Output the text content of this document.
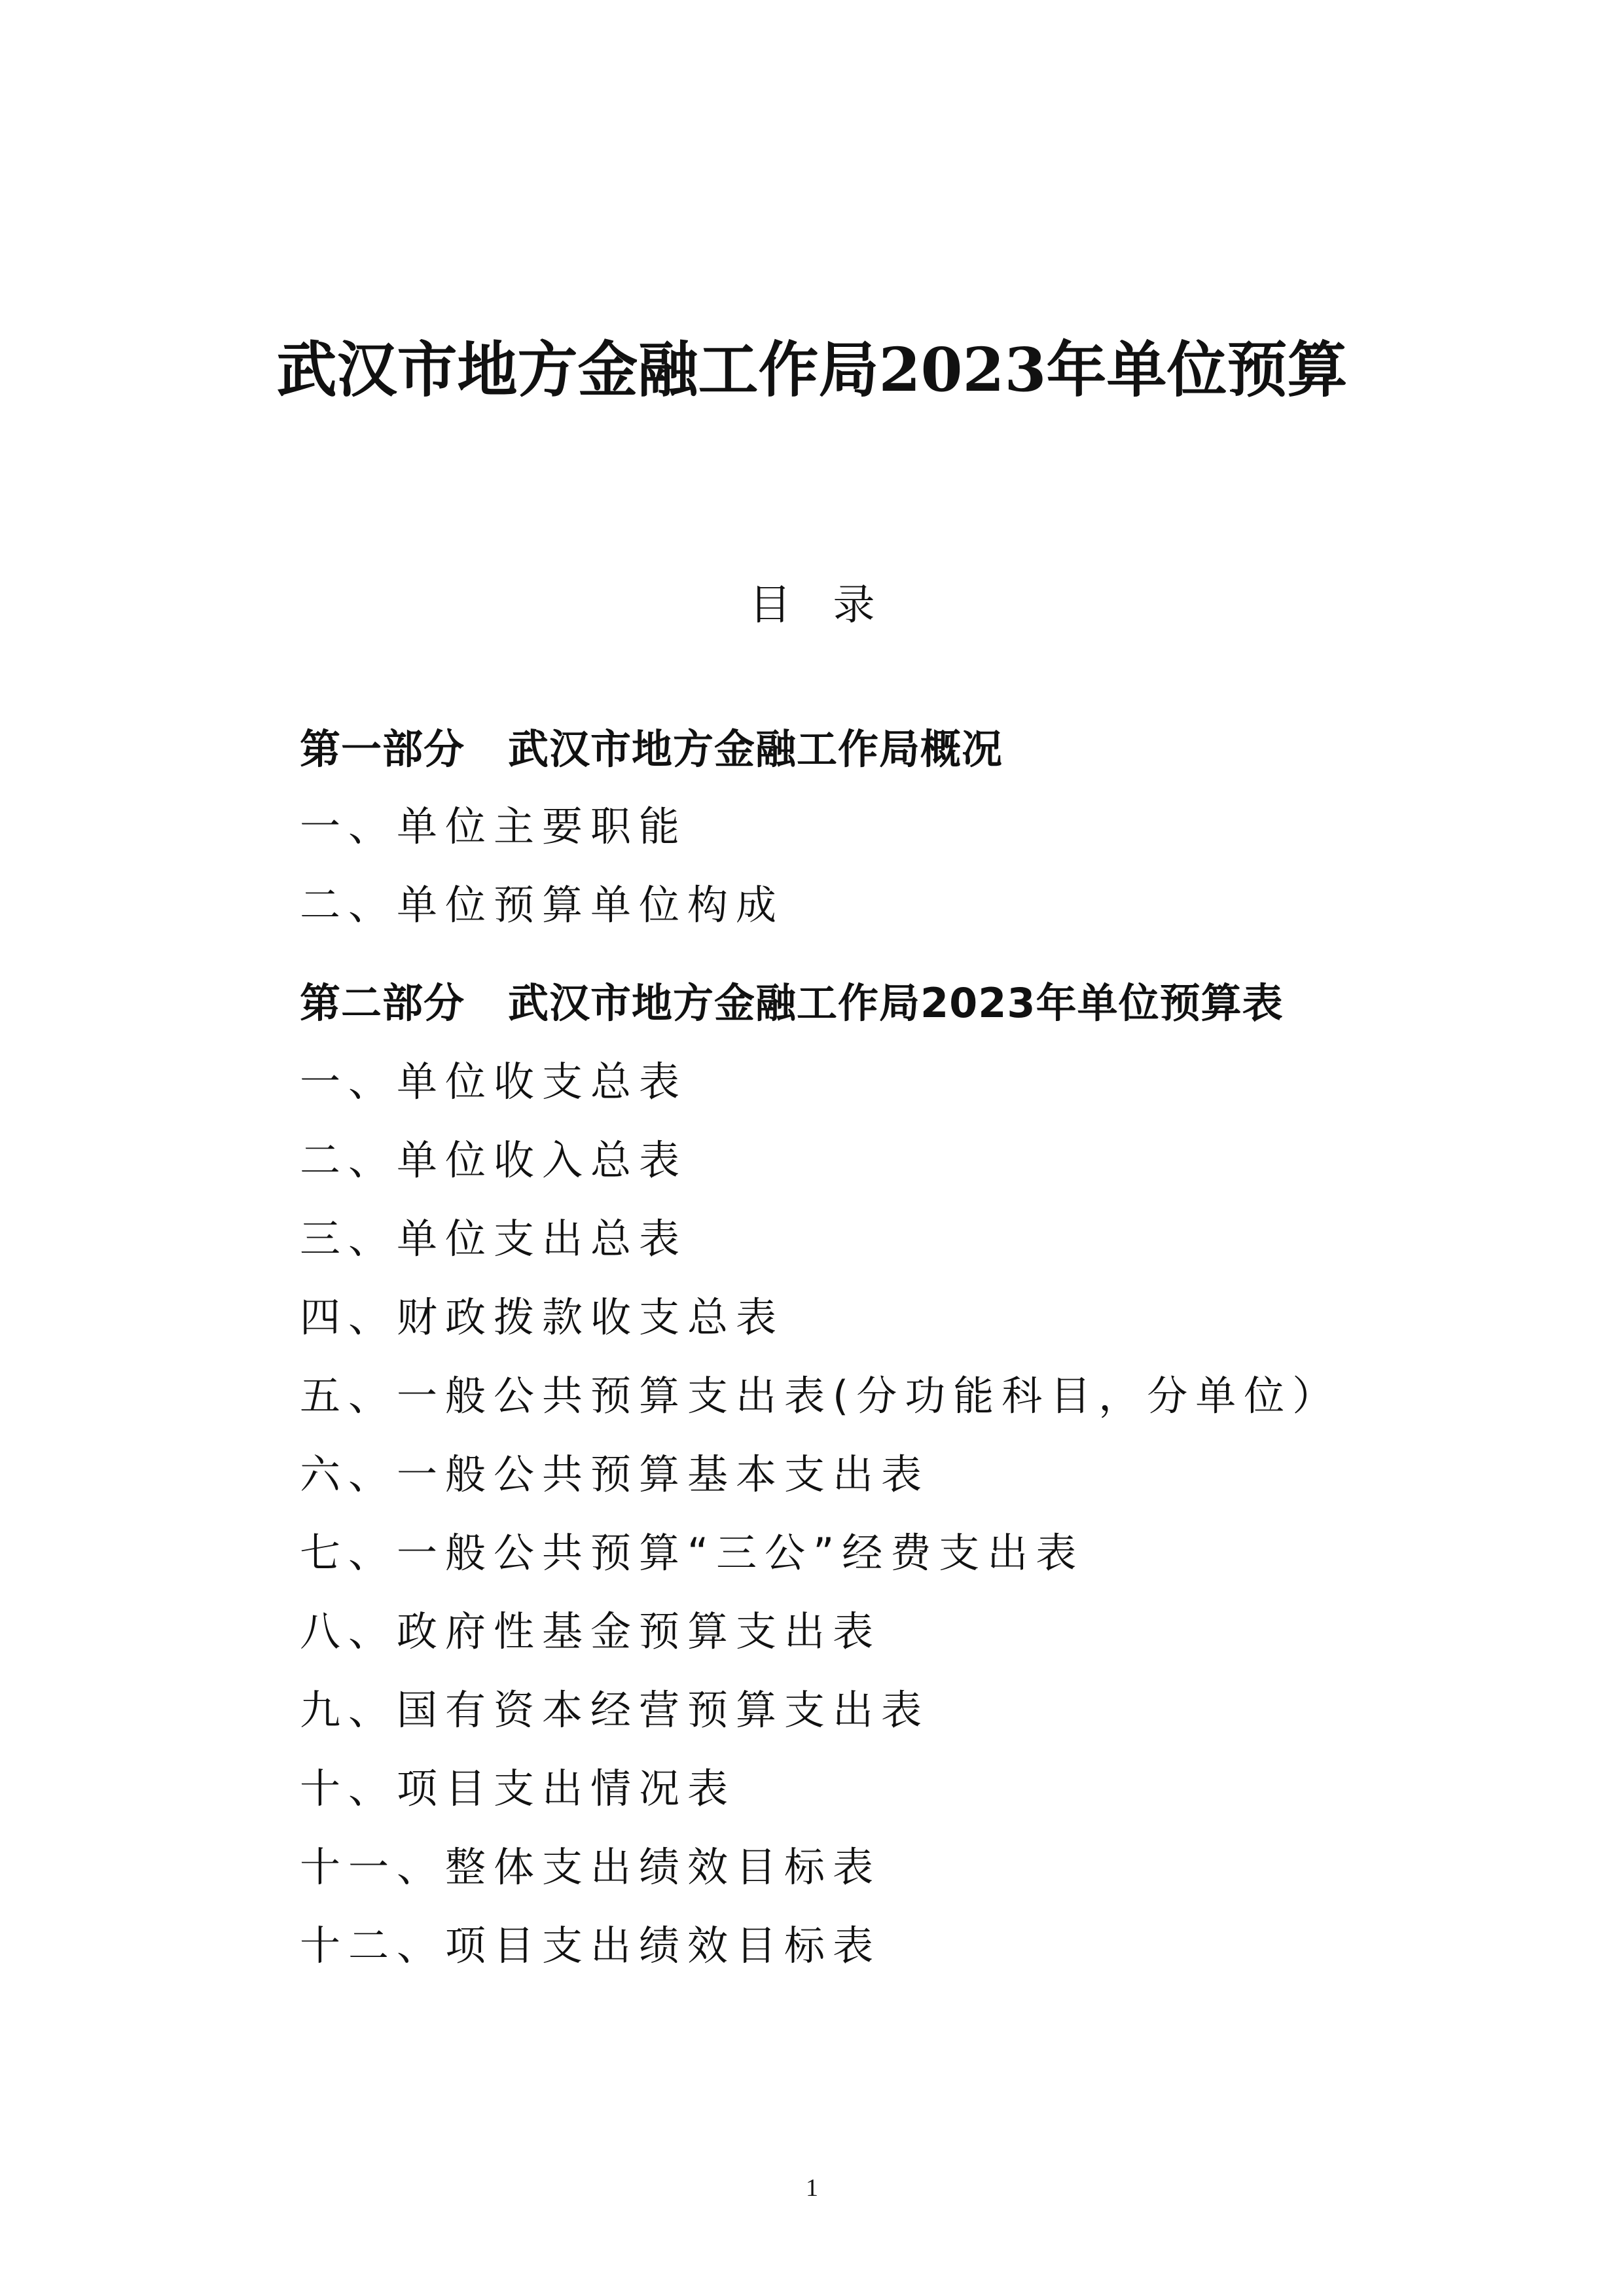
武汉市地方金融工作局2023年单位预算
目录
第一部分 武汉市地方金融工作局概况
一、单位主要职能
二、单位预算单位构成
第二部分 武汉市地方金融工作局2023年单位预算表
一、单位收支总表
二、单位收入总表
三、单位支出总表
四、财政拨款收支总表
五、一般公共预算支出表(分功能科目，分单位）
六、一般公共预算基本支出表
七、一般公共预算“三公”经费支出表
八、政府性基金预算支出表
九、国有资本经营预算支出表
十、项目支出情况表
十一、整体支出绩效目标表
十二、项目支出绩效目标表
1
